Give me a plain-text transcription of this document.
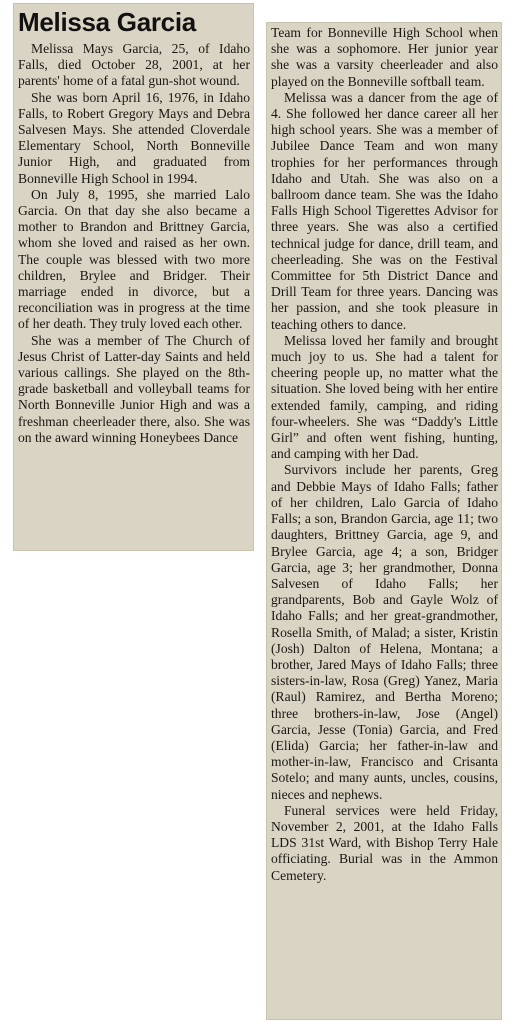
Melissa Garcia

Melissa Mays Garcia, 25, of Idaho Falls, died October 28, 2001, at her parents' home of a fatal gun-shot wound.

She was born April 16, 1976, in Idaho Falls, to Robert Gregory Mays and Debra Salvesen Mays. She attended Cloverdale Elementary School, North Bonneville Junior High, and graduated from Bonneville High School in 1994.

On July 8, 1995, she married Lalo Garcia. On that day she also became a mother to Brandon and Brittney Garcia, whom she loved and raised as her own. The couple was blessed with two more children, Brylee and Bridger. Their marriage ended in divorce, but a reconciliation was in progress at the time of her death. They truly loved each other.

She was a member of The Church of Jesus Christ of Latter-day Saints and held various callings. She played on the 8th-grade basketball and volleyball teams for North Bonneville Junior High and was a freshman cheerleader there, also. She was on the award winning Honeybees Dance

Team for Bonneville High School when she was a sophomore. Her junior year she was a varsity cheerleader and also played on the Bonneville softball team.

Melissa was a dancer from the age of 4. She followed her dance career all her high school years. She was a member of Jubilee Dance Team and won many trophies for her performances through Idaho and Utah. She was also on a ballroom dance team. She was the Idaho Falls High School Tigerettes Advisor for three years. She was also a certified technical judge for dance, drill team, and cheerleading. She was on the Festival Committee for 5th District Dance and Drill Team for three years. Dancing was her passion, and she took pleasure in teaching others to dance.

Melissa loved her family and brought much joy to us. She had a talent for cheering people up, no matter what the situation. She loved being with her entire extended family, camping, and riding four-wheelers. She was “Daddy's Little Girl” and often went fishing, hunting, and camping with her Dad.

Survivors include her parents, Greg and Debbie Mays of Idaho Falls; father of her children, Lalo Garcia of Idaho Falls; a son, Brandon Garcia, age 11; two daughters, Brittney Garcia, age 9, and Brylee Garcia, age 4; a son, Bridger Garcia, age 3; her grandmother, Donna Salvesen of Idaho Falls; her grandparents, Bob and Gayle Wolz of Idaho Falls; and her great-grandmother, Rosella Smith, of Malad; a sister, Kristin (Josh) Dalton of Helena, Montana; a brother, Jared Mays of Idaho Falls; three sisters-in-law, Rosa (Greg) Yanez, Maria (Raul) Ramirez, and Bertha Moreno; three brothers-in-law, Jose (Angel) Garcia, Jesse (Tonia) Garcia, and Fred (Elida) Garcia; her father-in-law and mother-in-law, Francisco and Crisanta Sotelo; and many aunts, uncles, cousins, nieces and nephews.

Funeral services were held Friday, November 2, 2001, at the Idaho Falls LDS 31st Ward, with Bishop Terry Hale officiating. Burial was in the Ammon Cemetery.
